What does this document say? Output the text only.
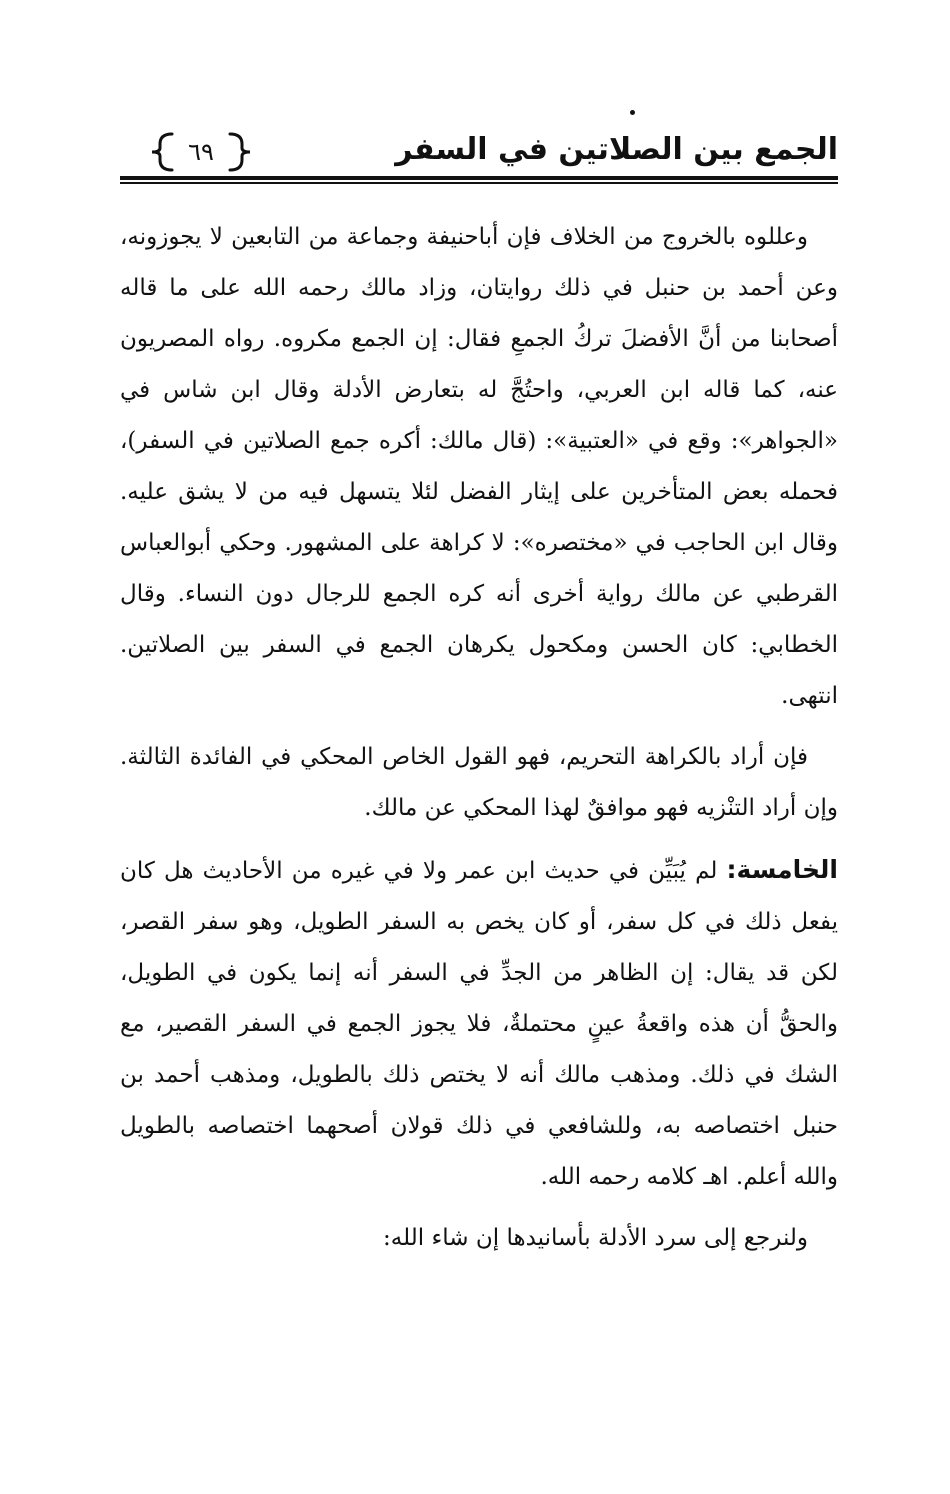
الجمع بين الصلاتين في السفر
٦٩

وعللوه بالخروج من الخلاف فإن أباحنيفة وجماعة من التابعين لا يجوزونه، وعن أحمد بن حنبل في ذلك روايتان، وزاد مالك رحمه الله على ما قاله أصحابنا من أنَّ الأفضلَ تركُ الجمعِ فقال: إن الجمع مكروه. رواه المصريون عنه، كما قاله ابن العربي، واحتُجَّ له بتعارض الأدلة وقال ابن شاس في «الجواهر»: وقع في «العتبية»: (قال مالك: أكره جمع الصلاتين في السفر)، فحمله بعض المتأخرين على إيثار الفضل لئلا يتسهل فيه من لا يشق عليه. وقال ابن الحاجب في «مختصره»: لا كراهة على المشهور. وحكي أبوالعباس القرطبي عن مالك رواية أخرى أنه كره الجمع للرجال دون النساء. وقال الخطابي: كان الحسن ومكحول يكرهان الجمع في السفر بين الصلاتين. انتهى.

فإن أراد بالكراهة التحريم، فهو القول الخاص المحكي في الفائدة الثالثة. وإن أراد التنْزيه فهو موافقٌ لهذا المحكي عن مالك.

الخامسة: لم يُبَيِّن في حديث ابن عمر ولا في غيره من الأحاديث هل كان يفعل ذلك في كل سفر، أو كان يخص به السفر الطويل، وهو سفر القصر، لكن قد يقال: إن الظاهر من الجدِّ في السفر أنه إنما يكون في الطويل، والحقُّ أن هذه واقعةُ عينٍ محتملةٌ، فلا يجوز الجمع في السفر القصير، مع الشك في ذلك. ومذهب مالك أنه لا يختص ذلك بالطويل، ومذهب أحمد بن حنبل اختصاصه به، وللشافعي في ذلك قولان أصحهما اختصاصه بالطويل والله أعلم. اهـ كلامه رحمه الله.

ولنرجع إلى سرد الأدلة بأسانيدها إن شاء الله:
